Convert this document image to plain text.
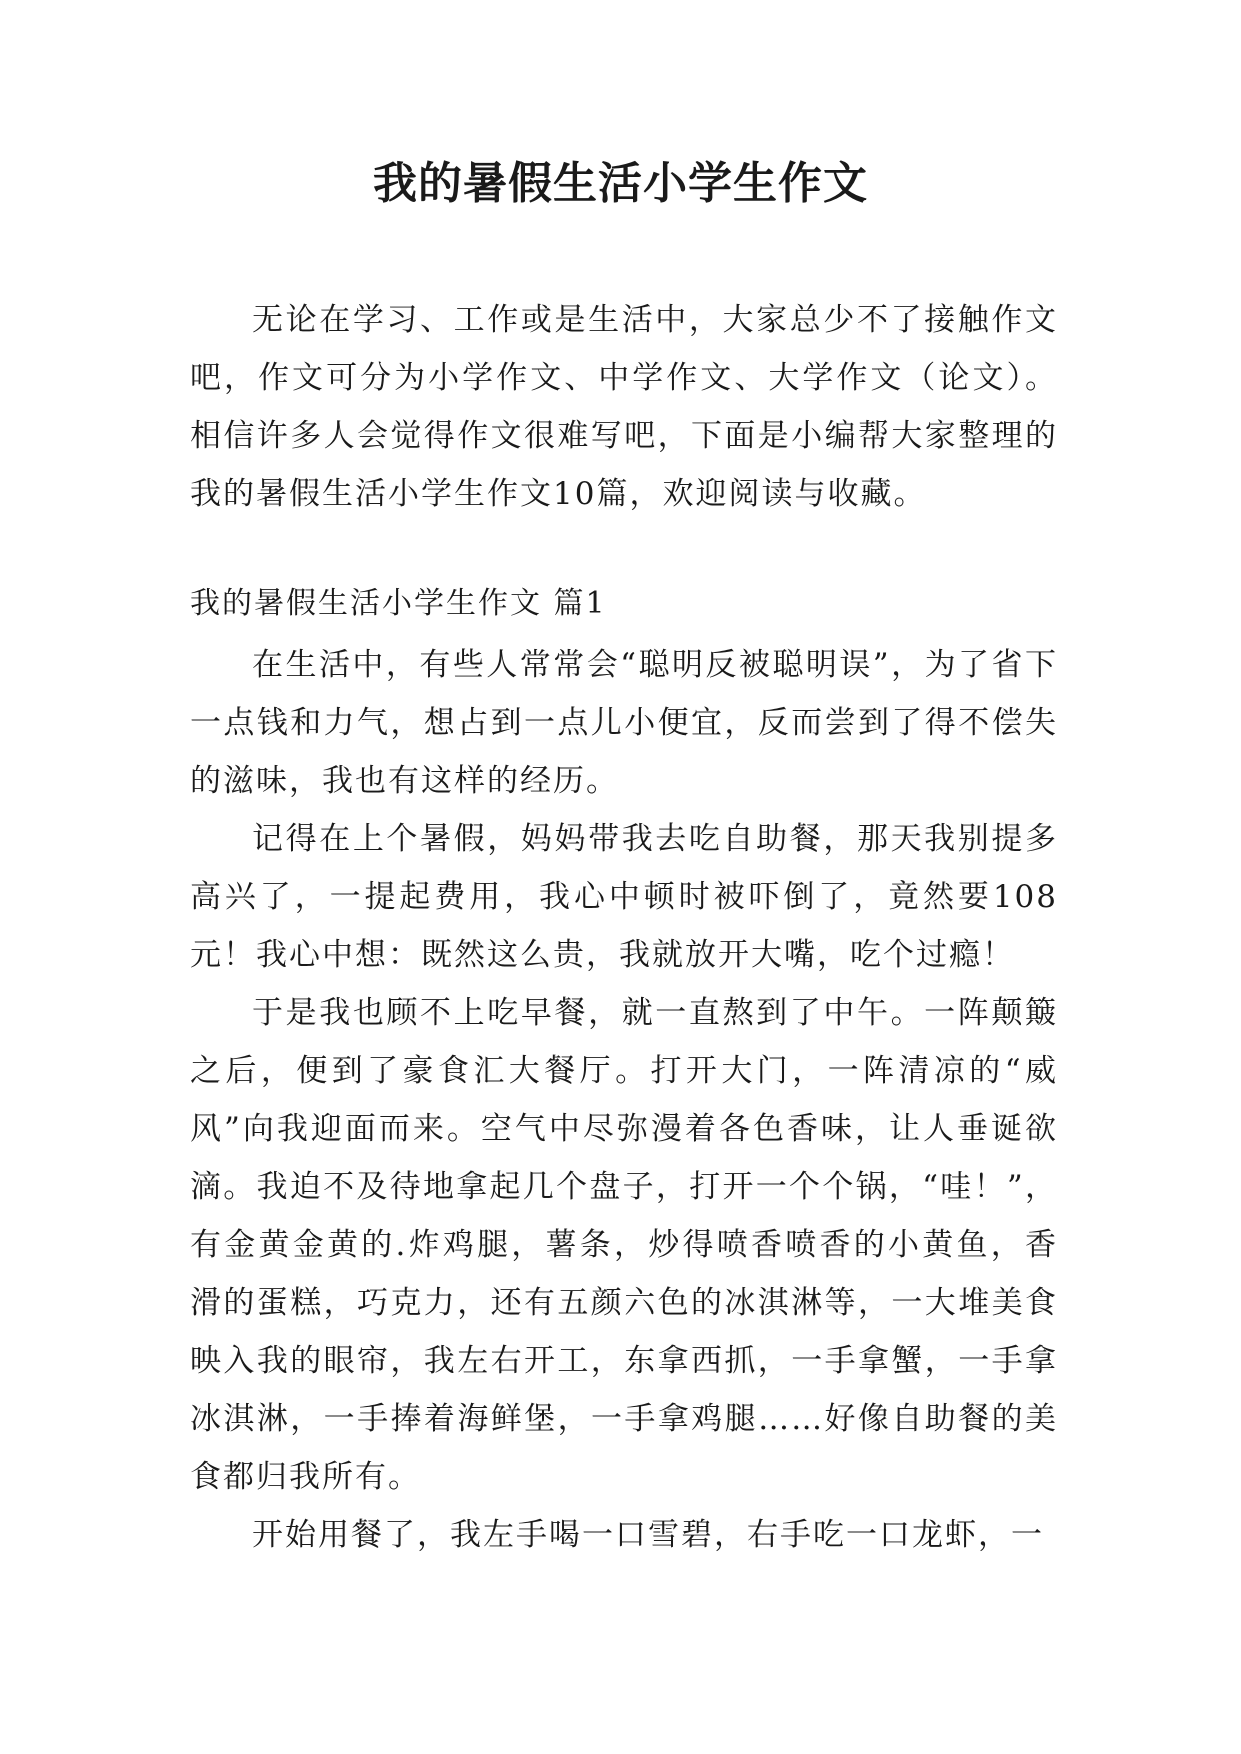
我的暑假生活小学生作文

无论在学习、工作或是生活中，大家总少不了接触作文吧，作文可分为小学作文、中学作文、大学作文（论文）。相信许多人会觉得作文很难写吧，下面是小编帮大家整理的我的暑假生活小学生作文10篇，欢迎阅读与收藏。

我的暑假生活小学生作文 篇1

在生活中，有些人常常会“聪明反被聪明误”，为了省下一点钱和力气，想占到一点儿小便宜，反而尝到了得不偿失的滋味，我也有这样的经历。

记得在上个暑假，妈妈带我去吃自助餐，那天我别提多高兴了，一提起费用，我心中顿时被吓倒了，竟然要108元！我心中想：既然这么贵，我就放开大嘴，吃个过瘾！

于是我也顾不上吃早餐，就一直熬到了中午。一阵颠簸之后，便到了豪食汇大餐厅。打开大门，一阵清凉的“威风”向我迎面而来。空气中尽弥漫着各色香味，让人垂诞欲滴。我迫不及待地拿起几个盘子，打开一个个锅，“哇！”，有金黄金黄的.炸鸡腿，薯条，炒得喷香喷香的小黄鱼，香滑的蛋糕，巧克力，还有五颜六色的冰淇淋等，一大堆美食映入我的眼帘，我左右开工，东拿西抓，一手拿蟹，一手拿冰淇淋，一手捧着海鲜堡，一手拿鸡腿……好像自助餐的美食都归我所有。

开始用餐了，我左手喝一口雪碧，右手吃一口龙虾，一
